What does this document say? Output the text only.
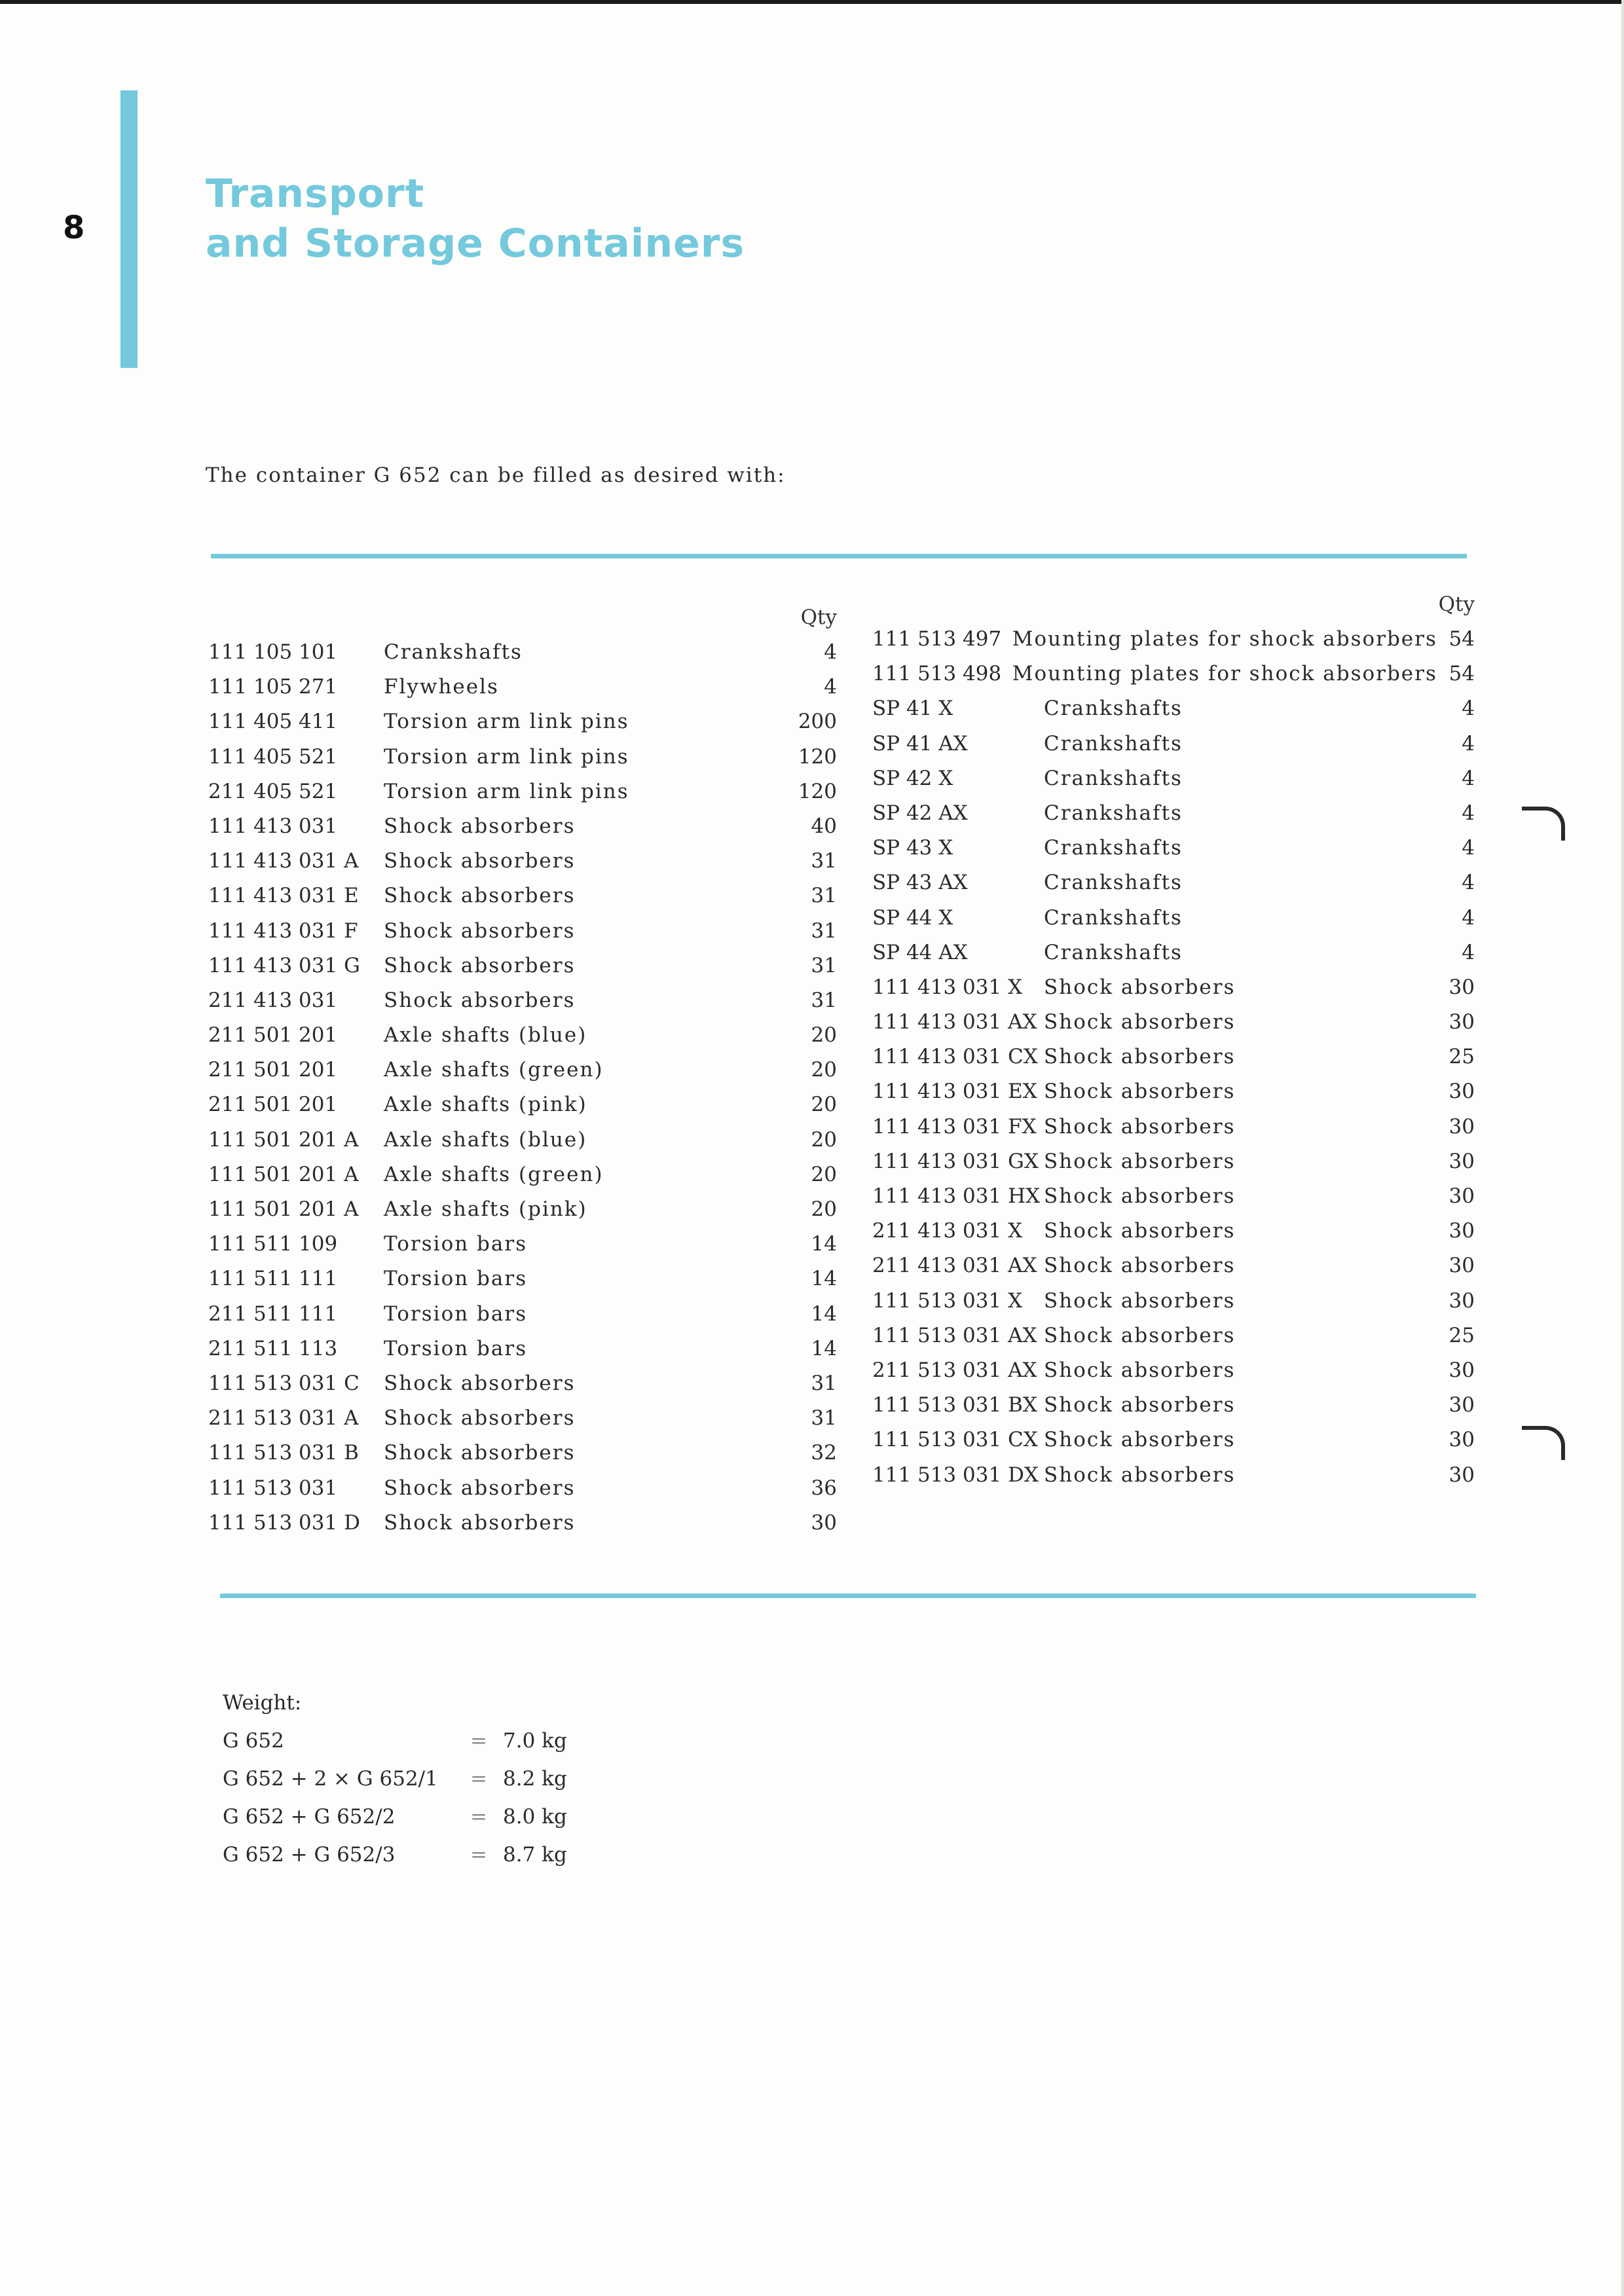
8
Transport
and Storage Containers
The container G 652 can be filled as desired with:
Qty
111 105 101	Crankshafts	4
111 105 271	Flywheels	4
111 405 411	Torsion arm link pins	200
111 405 521	Torsion arm link pins	120
211 405 521	Torsion arm link pins	120
111 413 031	Shock absorbers	40
111 413 031 A	Shock absorbers	31
111 413 031 E	Shock absorbers	31
111 413 031 F	Shock absorbers	31
111 413 031 G	Shock absorbers	31
211 413 031	Shock absorbers	31
211 501 201	Axle shafts (blue)	20
211 501 201	Axle shafts (green)	20
211 501 201	Axle shafts (pink)	20
111 501 201 A	Axle shafts (blue)	20
111 501 201 A	Axle shafts (green)	20
111 501 201 A	Axle shafts (pink)	20
111 511 109	Torsion bars	14
111 511 111	Torsion bars	14
211 511 111	Torsion bars	14
211 511 113	Torsion bars	14
111 513 031 C	Shock absorbers	31
211 513 031 A	Shock absorbers	31
111 513 031 B	Shock absorbers	32
111 513 031	Shock absorbers	36
111 513 031 D	Shock absorbers	30
Qty
111 513 497 Mounting plates for shock absorbers 54
111 513 498 Mounting plates for shock absorbers 54
SP 41 X	Crankshafts	4
SP 41 AX	Crankshafts	4
SP 42 X	Crankshafts	4
SP 42 AX	Crankshafts	4
SP 43 X	Crankshafts	4
SP 43 AX	Crankshafts	4
SP 44 X	Crankshafts	4
SP 44 AX	Crankshafts	4
111 413 031 X	Shock absorbers	30
111 413 031 AX Shock absorbers	30
111 413 031 CX Shock absorbers	25
111 413 031 EX Shock absorbers	30
111 413 031 FX Shock absorbers	30
111 413 031 GX Shock absorbers	30
111 413 031 HX Shock absorbers	30
211 413 031 X	Shock absorbers	30
211 413 031 AX Shock absorbers	30
111 513 031 X	Shock absorbers	30
111 513 031 AX Shock absorbers	25
211 513 031 AX Shock absorbers	30
111 513 031 BX Shock absorbers	30
111 513 031 CX Shock absorbers	30
111 513 031 DX Shock absorbers	30
Weight:
G 652	= 7.0 kg
G 652 + 2 × G 652/1	= 8.2 kg
G 652 + G 652/2	= 8.0 kg
G 652 + G 652/3	= 8.7 kg
